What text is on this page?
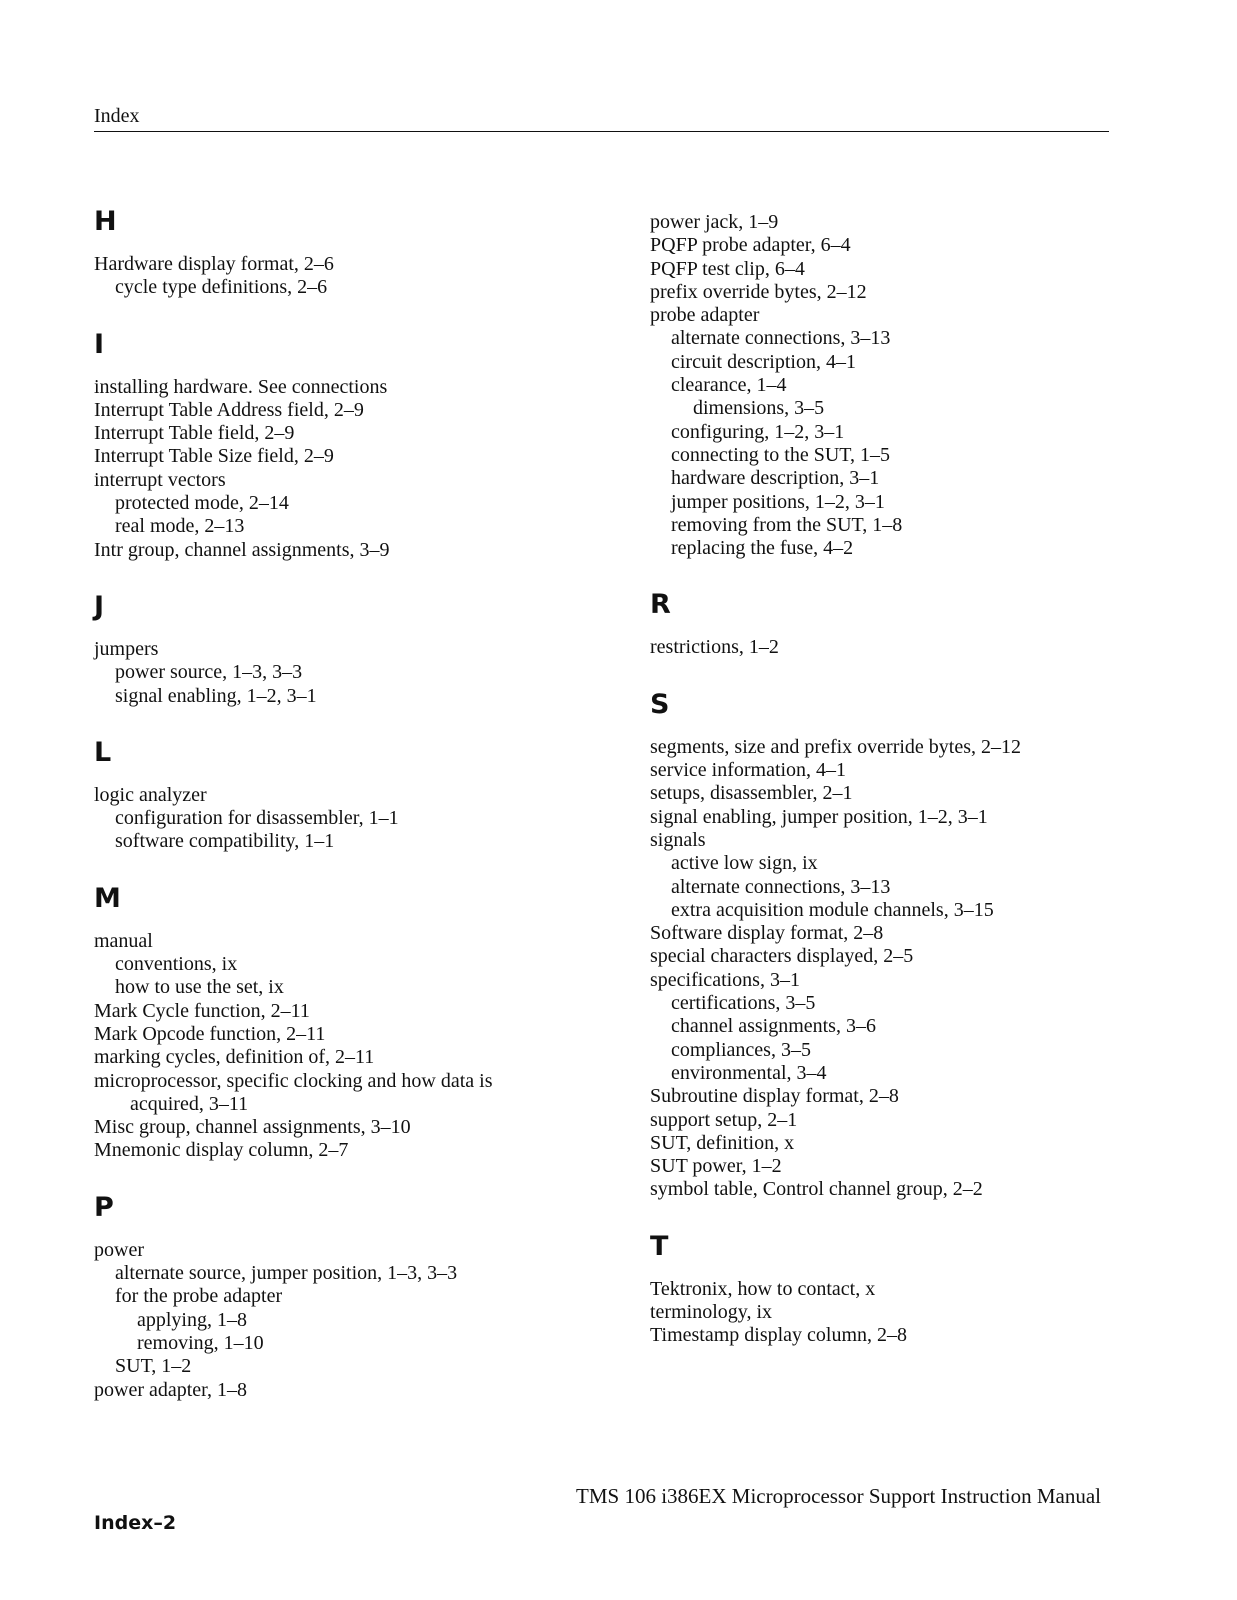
Index
H
Hardware display format, 2–6
cycle type definitions, 2–6
I
installing hardware. See connections
Interrupt Table Address field, 2–9
Interrupt Table field, 2–9
Interrupt Table Size field, 2–9
interrupt vectors
protected mode, 2–14
real mode, 2–13
Intr group, channel assignments, 3–9
J
jumpers
power source, 1–3, 3–3
signal enabling, 1–2, 3–1
L
logic analyzer
configuration for disassembler, 1–1
software compatibility, 1–1
M
manual
conventions, ix
how to use the set, ix
Mark Cycle function, 2–11
Mark Opcode function, 2–11
marking cycles, definition of, 2–11
microprocessor, specific clocking and how data is
acquired, 3–11
Misc group, channel assignments, 3–10
Mnemonic display column, 2–7
P
power
alternate source, jumper position, 1–3, 3–3
for the probe adapter
applying, 1–8
removing, 1–10
SUT, 1–2
power adapter, 1–8
power jack, 1–9
PQFP probe adapter, 6–4
PQFP test clip, 6–4
prefix override bytes, 2–12
probe adapter
alternate connections, 3–13
circuit description, 4–1
clearance, 1–4
dimensions, 3–5
configuring, 1–2, 3–1
connecting to the SUT, 1–5
hardware description, 3–1
jumper positions, 1–2, 3–1
removing from the SUT, 1–8
replacing the fuse, 4–2
R
restrictions, 1–2
S
segments, size and prefix override bytes, 2–12
service information, 4–1
setups, disassembler, 2–1
signal enabling, jumper position, 1–2, 3–1
signals
active low sign, ix
alternate connections, 3–13
extra acquisition module channels, 3–15
Software display format, 2–8
special characters displayed, 2–5
specifications, 3–1
certifications, 3–5
channel assignments, 3–6
compliances, 3–5
environmental, 3–4
Subroutine display format, 2–8
support setup, 2–1
SUT, definition, x
SUT power, 1–2
symbol table, Control channel group, 2–2
T
Tektronix, how to contact, x
terminology, ix
Timestamp display column, 2–8
TMS 106 i386EX Microprocessor Support Instruction Manual
Index–2
